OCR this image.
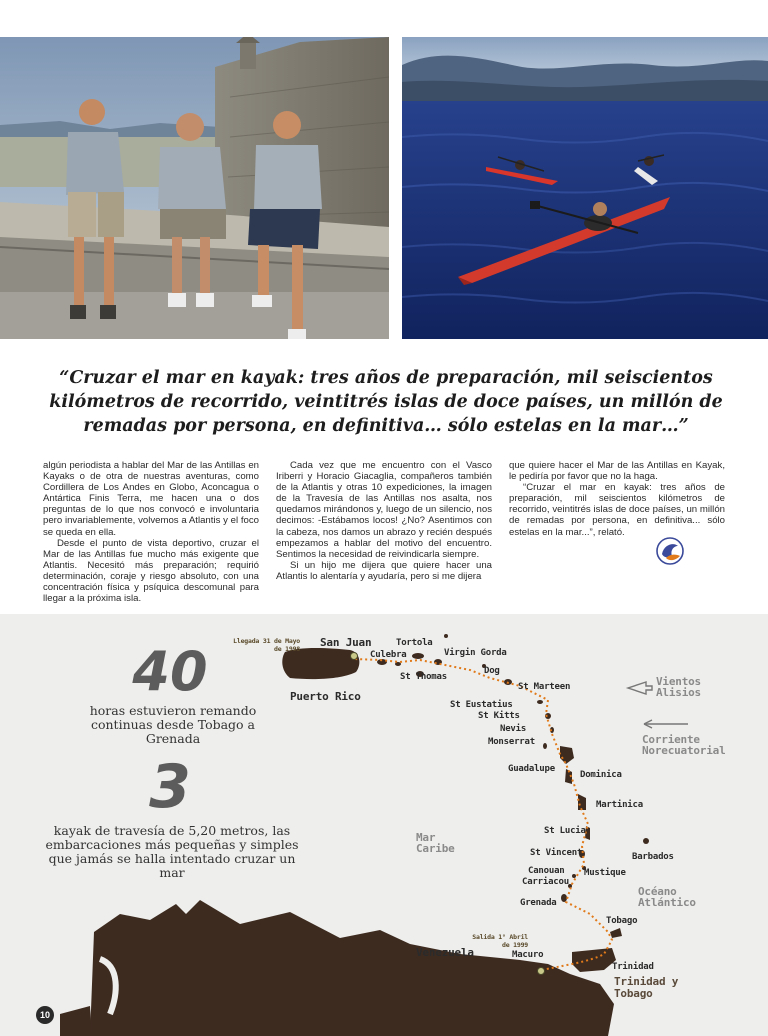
“Cruzar el mar en kayak: tres años de preparación, mil seiscientos kilómetros de recorrido, veintitrés islas de doce países, un millón de remadas por persona, en definitiva… sólo estelas en la mar…”

algún periodista a hablar del Mar de las Antillas en Kayaks o de otra de nuestras aventuras, como Cordillera de Los Andes en Globo, Aconcagua o Antártica Finis Terra, me hacen una o dos preguntas de lo que nos convocó e involuntaria pero invariablemente, volvemos a Atlantis y el foco se queda en ella.

Desde el punto de vista deportivo, cruzar el Mar de las Antillas fue mucho más exigente que Atlantis. Necesitó más preparación; requirió determinación, coraje y riesgo absoluto, con una concentración física y psíquica descomunal para llegar a la próxima isla.

Cada vez que me encuentro con el Vasco Iriberri y Horacio Giacaglia, compañeros también de la Atlantis y otras 10 expediciones, la imagen de la Travesía de las Antillas nos asalta, nos quedamos mirándonos y, luego de un silencio, nos decimos: -Estábamos locos! ¿No? Asentimos con la cabeza, nos damos un abrazo y recién después empezamos a hablar del motivo del encuentro. Sentimos la necesidad de reivindicarla siempre.

Si un hijo me dijera que quiere hacer una Atlantis lo alentaría y ayudaría, pero si me dijera

que quiere hacer el Mar de las Antillas en Kayak, le pediría por favor que no la haga.

“Cruzar el mar en kayak: tres años de preparación, mil seiscientos kilómetros de recorrido, veintitrés islas de doce países, un millón de remadas por persona, en definitiva... sólo estelas en la mar...”, relató.

40
horas estuvieron remando continuas desde Tobago a Grenada
3
kayak de travesía de 5,20 metros, las embarcaciones más pequeñas y simples que jamás se halla intentado cruzar un mar
Llegada 31 de Mayo de 1998 San Juan	Tortola
Culebra	Virgin Gorda
Puerto Rico
St Thomas
Dog
St Marteen
St Eustatius
St Kitts
Nevis
Monserrat
Guadalupe
Dominica
Martinica
St Lucia
St Vincent	Barbados
Canouan
Carriacou
Mustique
Grenada
Tobago
Salida 1° Abril de 1999
Venezuela	Macuro
Trinidad
Trinidad y Tobago
Mar Caribe
Océano Atlántico
Vientos Alisios
Corriente Norecuatorial
10
